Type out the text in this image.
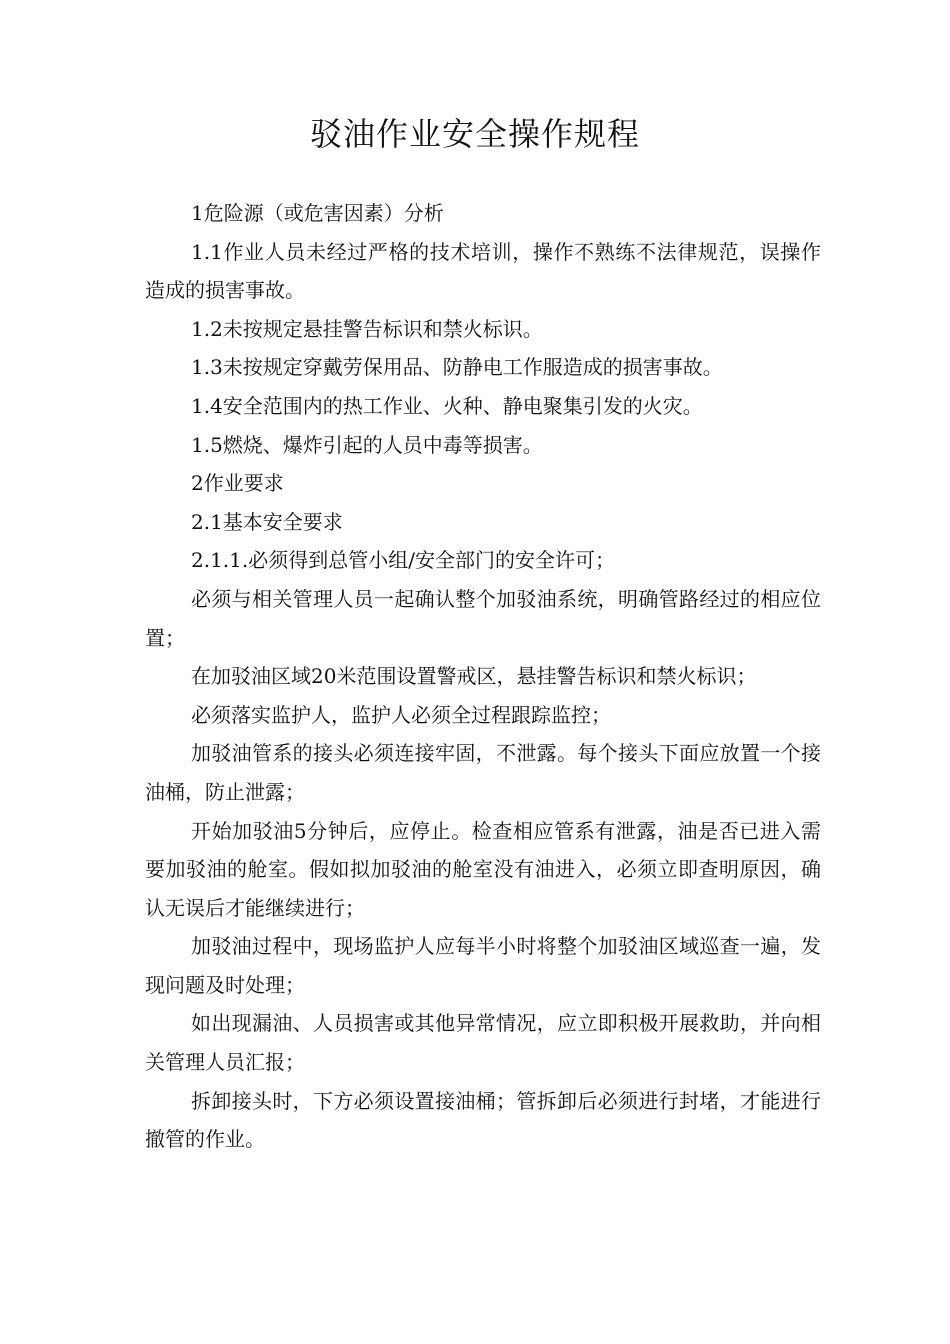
驳油作业安全操作规程

1危险源（或危害因素）分析

1.1作业人员未经过严格的技术培训，操作不熟练不法律规范，误操作造成的损害事故。

1.2未按规定悬挂警告标识和禁火标识。

1.3未按规定穿戴劳保用品、防静电工作服造成的损害事故。

1.4安全范围内的热工作业、火种、静电聚集引发的火灾。

1.5燃烧、爆炸引起的人员中毒等损害。

2作业要求

2.1基本安全要求

2.1.1.必须得到总管小组/安全部门的安全许可；

必须与相关管理人员一起确认整个加驳油系统，明确管路经过的相应位置；

在加驳油区域20米范围设置警戒区，悬挂警告标识和禁火标识；

必须落实监护人，监护人必须全过程跟踪监控；

加驳油管系的接头必须连接牢固，不泄露。每个接头下面应放置一个接油桶，防止泄露；

开始加驳油5分钟后，应停止。检查相应管系有泄露，油是否已进入需要加驳油的舱室。假如拟加驳油的舱室没有油进入，必须立即查明原因，确认无误后才能继续进行；

加驳油过程中，现场监护人应每半小时将整个加驳油区域巡查一遍，发现问题及时处理；

如出现漏油、人员损害或其他异常情况，应立即积极开展救助，并向相关管理人员汇报；

拆卸接头时，下方必须设置接油桶；管拆卸后必须进行封堵，才能进行撤管的作业。
